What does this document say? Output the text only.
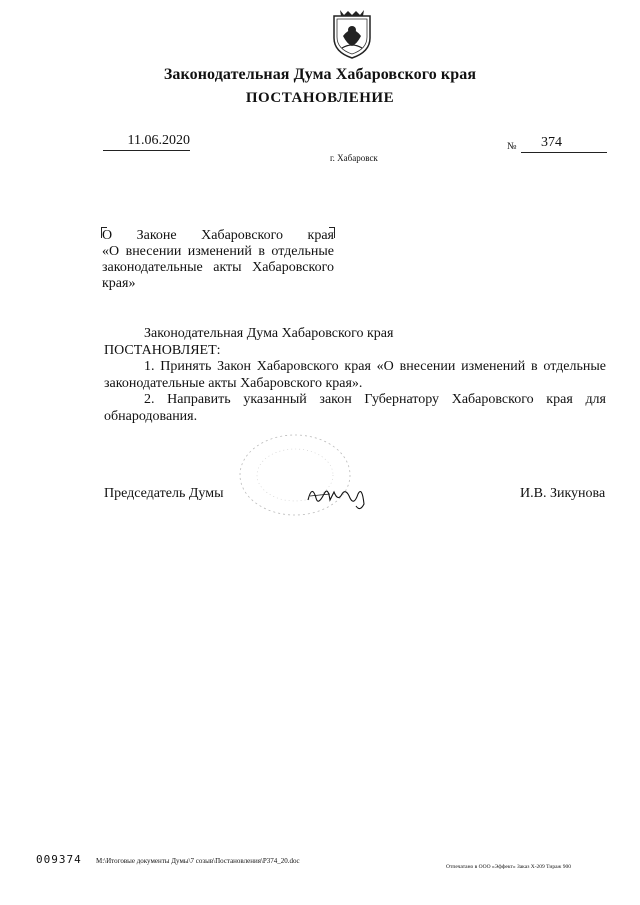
Законодательная Дума Хабаровского края
ПОСТАНОВЛЕНИЕ
11.06.2020	№	374
г. Хабаровск
О Законе Хабаровского края
«О внесении изменений в отдельные
законодательные акты Хабаровского
края»
Законодательная Дума Хабаровского края
ПОСТАНОВЛЯЕТ:
1. Принять Закон Хабаровского края «О внесении изменений в отдельные
законодательные акты Хабаровского края».
2. Направить указанный закон Губернатору Хабаровского края для
обнародования.
Председатель Думы	И.В. Зикунова
009374 М:\Итоговые документы Думы\7 созыв\Постановления\Р374_20.doc
Отпечатано в ООО «Эффект» Заказ Х-209 Тираж 900
